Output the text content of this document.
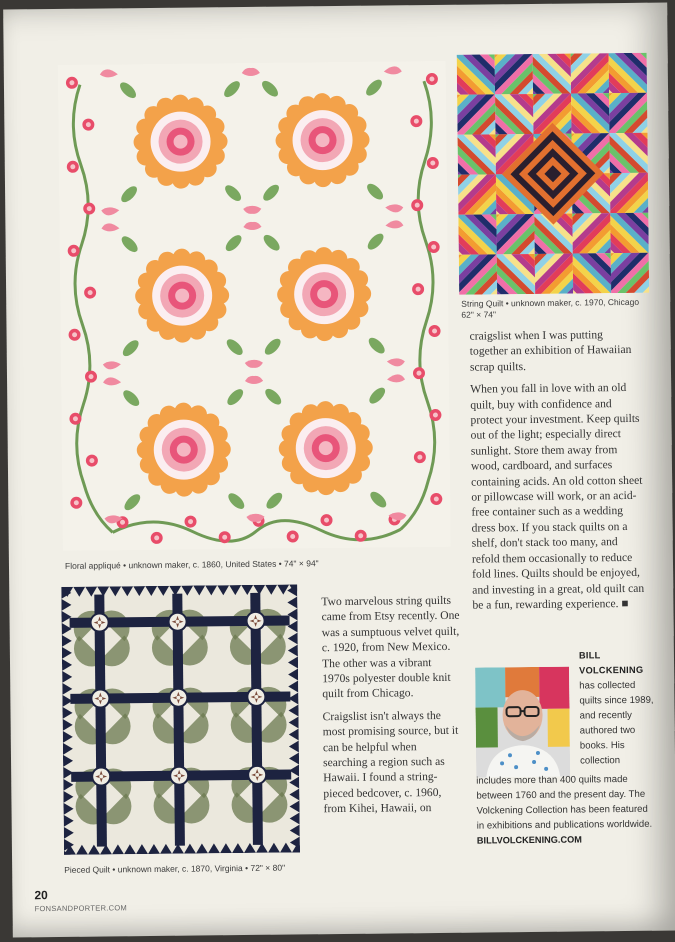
Floral appliqué • unknown maker, c. 1860, United States • 74" × 94"
String Quilt • unknown maker, c. 1970, Chicago
62" × 74"
Pieced Quilt • unknown maker, c. 1870, Virginia • 72" × 80"

Two marvelous string quilts came from Etsy recently. One was a sumptuous velvet quilt, c. 1920, from New Mexico. The other was a vibrant 1970s polyester double knit quilt from Chicago.

Craigslist isn't always the most promising source, but it can be helpful when searching a region such as Hawaii. I found a string-pieced bedcover, c. 1960, from Kihei, Hawaii, on

craigslist when I was putting together an exhibition of Hawaiian scrap quilts.

When you fall in love with an old quilt, buy with confidence and protect your investment. Keep quilts out of the light; especially direct sunlight. Store them away from wood, cardboard, and surfaces containing acids. An old cotton sheet or pillowcase will work, or an acid-free container such as a wedding dress box. If you stack quilts on a shelf, don't stack too many, and refold them occasionally to reduce fold lines. Quilts should be enjoyed, and investing in a great, old quilt can be a fun, rewarding experience. ■

BILL VOLCKENING
has collected
quilts since 1989,
and recently
authored two
books. His
collection
includes more than 400 quilts made between 1760 and the present day. The Volckening Collection has been featured in exhibitions and publications worldwide.
BILLVOLCKENING.COM
20
FONSANDPORTER.COM
